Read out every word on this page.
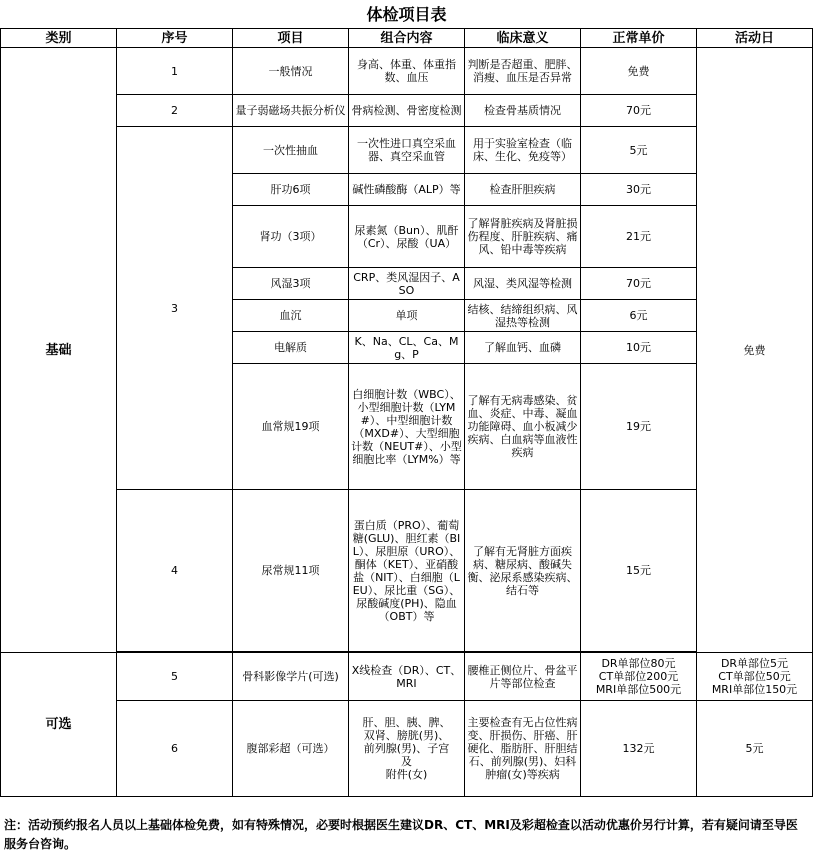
体检项目表
类别	序号	项目	组合内容	临床意义	正常单价	活动日
基础	1	一般情况	身高、体重、体重指数、血压	判断是否超重、肥胖、消瘦、血压是否异常	免费	免费
	2	量子弱磁场共振分析仪	骨病检测、骨密度检测	检查骨基质情况	70元	
	3	一次性抽血	一次性进口真空采血器、真空采血管	用于实验室检查（临床、生化、免疫等）	5元	
		肝功6项	碱性磷酸酶（ALP）等	检查肝胆疾病	30元	
		肾功（3项）	尿素氮（Bun）、肌酐（Cr）、尿酸（UA）	了解肾脏疾病及肾脏损伤程度、肝脏疾病、痛风、铅中毒等疾病	21元	
		风湿3项	CRP、类风湿因子、ASO	风湿、类风湿等检测	70元	
		血沉	单项	结核、结缔组织病、风湿热等检测	6元	
		电解质	K、Na、CL、Ca、Mg、P	了解血钙、血磷	10元	
		血常规19项	白细胞计数（WBC）、小型细胞计数（LYM#）、中型细胞计数（MXD#）、大型细胞计数（NEUT#）、小型细胞比率（LYM%）等	了解有无病毒感染、贫血、炎症、中毒、凝血功能障碍、血小板减少疾病、白血病等血液性疾病	19元	
	4	尿常规11项	蛋白质（PRO）、葡萄糖(GLU)、胆红素（BIL）、尿胆原（URO）、酮体（KET）、亚硝酸盐（NIT）、白细胞（LEU）、尿比重（SG）、尿酸碱度(PH)、隐血（OBT）等	了解有无肾脏方面疾病、糖尿病、酸碱失衡、泌尿系感染疾病、结石等	15元	

可选	5	骨科影像学片(可选)	X线检查（DR）、CT、MRI	腰椎正侧位片、骨盆平片等部位检查	DR单部位80元
CT单部位200元
MRI单部位500元	DR单部位5元
CT单部位50元
MRI单部位150元

	6	腹部彩超（可选）	肝、胆、胰、脾、
双肾、膀胱(男)、
前列腺(男)、子宫
及
附件(女)	主要检查有无占位性病变、肝损伤、肝癌、肝硬化、脂肪肝、肝胆结石、前列腺(男)、妇科肿瘤(女)等疾病	132元	5元
注：活动预约报名人员以上基础体检免费，如有特殊情况，必要时根据医生建议DR、CT、MRI及彩超检查以活动优惠价另行计算，若有疑问请至导医服务台咨询。
